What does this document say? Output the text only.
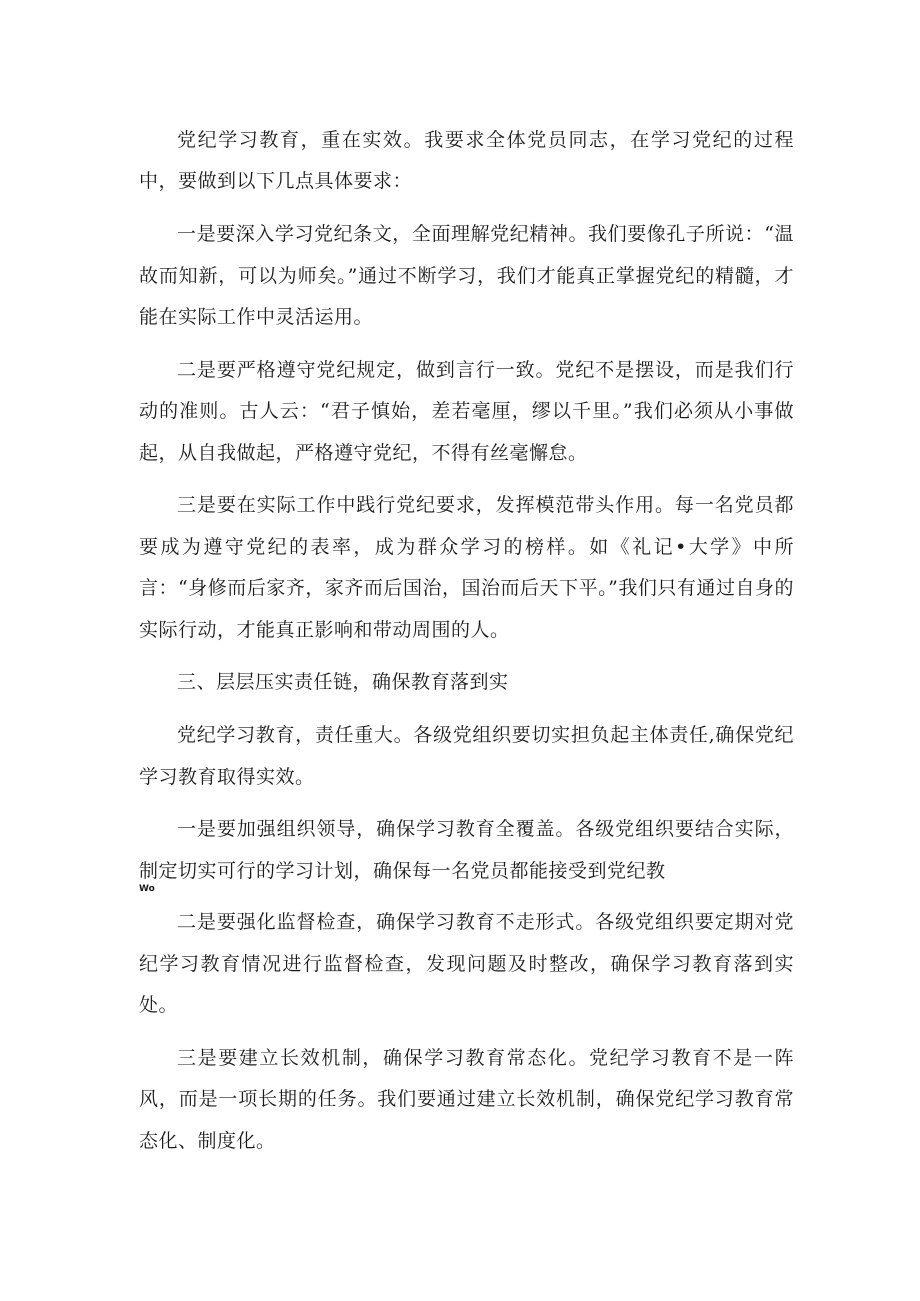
党纪学习教育，重在实效。我要求全体党员同志，在学习党纪的过程中，要做到以下几点具体要求：

一是要深入学习党纪条文，全面理解党纪精神。我们要像孔子所说：“温故而知新，可以为师矣。”通过不断学习，我们才能真正掌握党纪的精髓，才能在实际工作中灵活运用。

二是要严格遵守党纪规定，做到言行一致。党纪不是摆设，而是我们行动的准则。古人云：“君子慎始，差若毫厘，缪以千里。”我们必须从小事做起，从自我做起，严格遵守党纪，不得有丝毫懈怠。

三是要在实际工作中践行党纪要求，发挥模范带头作用。每一名党员都要成为遵守党纪的表率，成为群众学习的榜样。如《礼记•大学》中所言：“身修而后家齐，家齐而后国治，国治而后天下平。”我们只有通过自身的实际行动，才能真正影响和带动周围的人。

三、层层压实责任链，确保教育落到实

党纪学习教育，责任重大。各级党组织要切实担负起主体责任,确保党纪学习教育取得实效。

一是要加强组织领导，确保学习教育全覆盖。各级党组织要结合实际，制定切实可行的学习计划，确保每一名党员都能接受到党纪教

Wo

二是要强化监督检查，确保学习教育不走形式。各级党组织要定期对党纪学习教育情况进行监督检查，发现问题及时整改，确保学习教育落到实处。

三是要建立长效机制，确保学习教育常态化。党纪学习教育不是一阵风，而是一项长期的任务。我们要通过建立长效机制，确保党纪学习教育常态化、制度化。
